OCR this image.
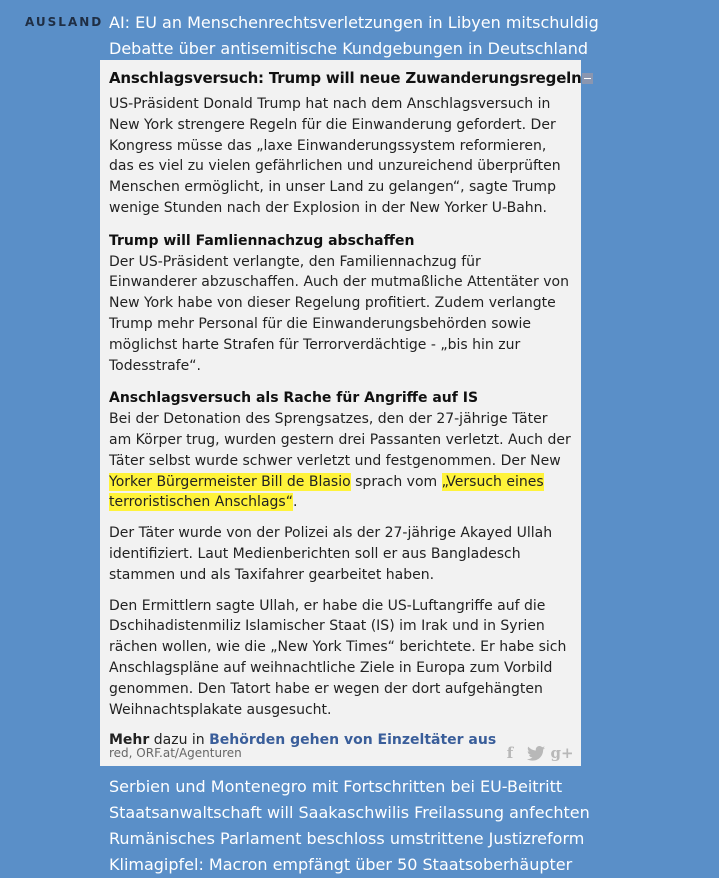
AUSLAND AI: EU an Menschenrechtsverletzungen in Libyen mitschuldig
Debatte über antisemitische Kundgebungen in Deutschland
Anschlagsversuch: Trump will neue Zuwanderungsregeln

US-Präsident Donald Trump hat nach dem Anschlagsversuch in New York strengere Regeln für die Einwanderung gefordert. Der Kongress müsse das „laxe Einwanderungssystem reformieren, das es viel zu vielen gefährlichen und unzureichend überprüften Menschen ermöglicht, in unser Land zu gelangen“, sagte Trump wenige Stunden nach der Explosion in der New Yorker U-Bahn.

Trump will Famliennachzug abschaffen

Der US-Präsident verlangte, den Familiennachzug für Einwanderer abzuschaffen. Auch der mutmaßliche Attentäter von New York habe von dieser Regelung profitiert. Zudem verlangte Trump mehr Personal für die Einwanderungsbehörden sowie möglichst harte Strafen für Terrorverdächtige - „bis hin zur Todesstrafe“.

Anschlagsversuch als Rache für Angriffe auf IS

Bei der Detonation des Sprengsatzes, den der 27-jährige Täter am Körper trug, wurden gestern drei Passanten verletzt. Auch der Täter selbst wurde schwer verletzt und festgenommen. Der New Yorker Bürgermeister Bill de Blasio sprach vom „Versuch eines terroristischen Anschlags“.

Der Täter wurde von der Polizei als der 27-jährige Akayed Ullah identifiziert. Laut Medienberichten soll er aus Bangladesch stammen und als Taxifahrer gearbeitet haben.

Den Ermittlern sagte Ullah, er habe die US-Luftangriffe auf die Dschihadistenmiliz Islamischer Staat (IS) im Irak und in Syrien rächen wollen, wie die „New York Times“ berichtete. Er habe sich Anschlagspläne auf weihnachtliche Ziele in Europa zum Vorbild genommen. Den Tatort habe er wegen der dort aufgehängten Weihnachtsplakate ausgesucht.

Mehr dazu in Behörden gehen von Einzeltäter aus
red, ORF.at/Agenturen	f	g+
Serbien und Montenegro mit Fortschritten bei EU-Beitritt
Staatsanwaltschaft will Saakaschwilis Freilassung anfechten
Rumänisches Parlament beschloss umstrittene Justizreform
Klimagipfel: Macron empfängt über 50 Staatsoberhäupter
